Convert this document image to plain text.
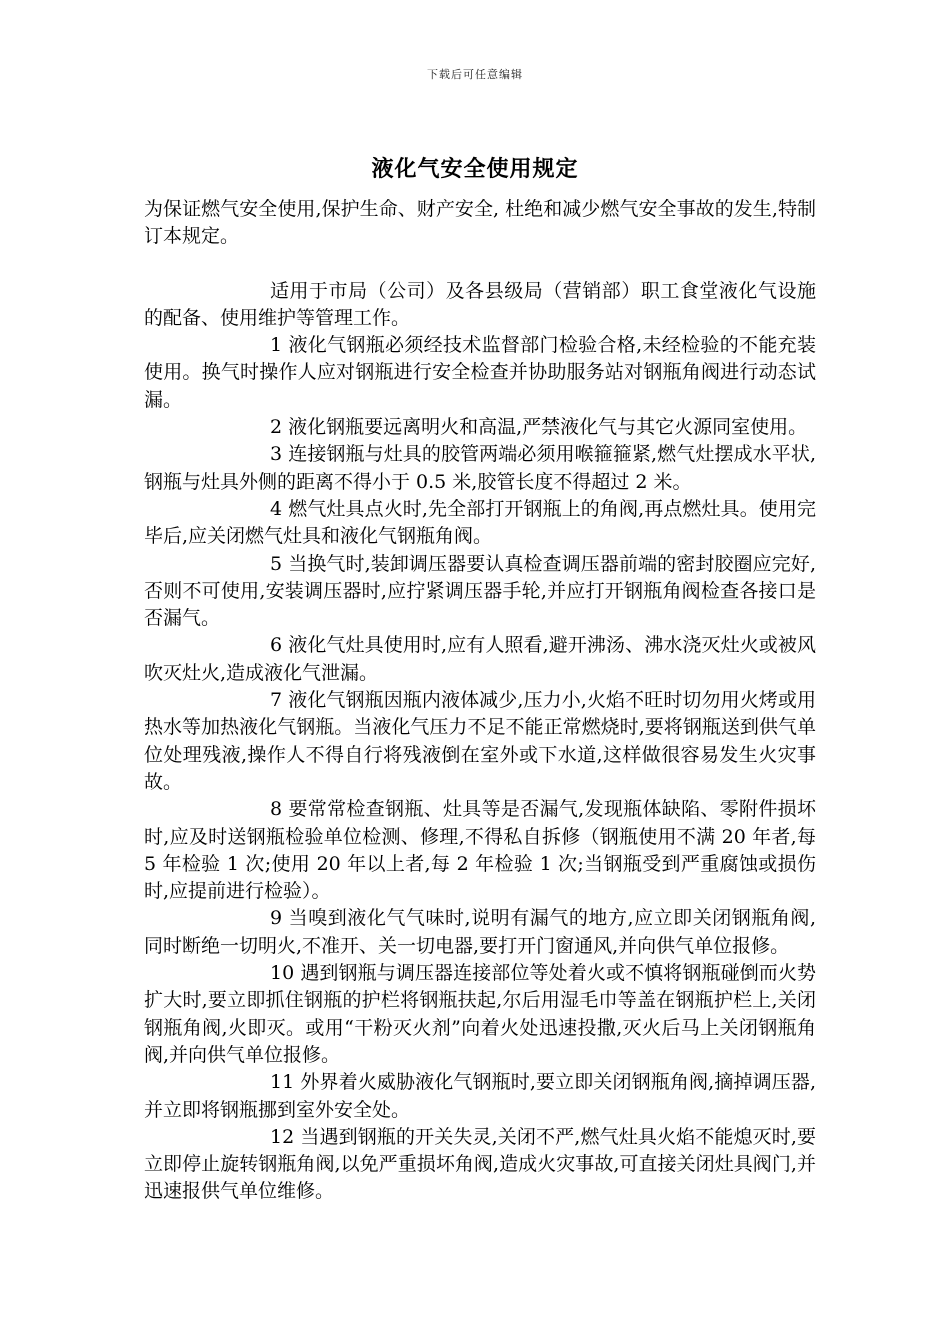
下载后可任意编辑
液化气安全使用规定

为保证燃气安全使用,保护生命、财产安全, 杜绝和减少燃气安全事故的发生,特制订本规定。

适用于市局（公司）及各县级局（营销部）职工食堂液化气设施的配备、使用维护等管理工作。

1 液化气钢瓶必须经技术监督部门检验合格,未经检验的不能充装使用。换气时操作人应对钢瓶进行安全检查并协助服务站对钢瓶角阀进行动态试漏。

2 液化钢瓶要远离明火和高温,严禁液化气与其它火源同室使用。

3 连接钢瓶与灶具的胶管两端必须用喉箍箍紧,燃气灶摆成水平状,钢瓶与灶具外侧的距离不得小于 0.5 米,胶管长度不得超过 2 米。

4 燃气灶具点火时,先全部打开钢瓶上的角阀,再点燃灶具。使用完毕后,应关闭燃气灶具和液化气钢瓶角阀。

5 当换气时,装卸调压器要认真检查调压器前端的密封胶圈应完好,否则不可使用,安装调压器时,应拧紧调压器手轮,并应打开钢瓶角阀检查各接口是否漏气。

6 液化气灶具使用时,应有人照看,避开沸汤、沸水浇灭灶火或被风吹灭灶火,造成液化气泄漏。

7 液化气钢瓶因瓶内液体减少,压力小,火焰不旺时切勿用火烤或用热水等加热液化气钢瓶。当液化气压力不足不能正常燃烧时,要将钢瓶送到供气单位处理残液,操作人不得自行将残液倒在室外或下水道,这样做很容易发生火灾事故。

8 要常常检查钢瓶、灶具等是否漏气,发现瓶体缺陷、零附件损坏时,应及时送钢瓶检验单位检测、修理,不得私自拆修（钢瓶使用不满 20 年者,每 5 年检验 1 次;使用 20 年以上者,每 2 年检验 1 次;当钢瓶受到严重腐蚀或损伤时,应提前进行检验）。

9 当嗅到液化气气味时,说明有漏气的地方,应立即关闭钢瓶角阀,同时断绝一切明火,不准开、关一切电器,要打开门窗通风,并向供气单位报修。

10 遇到钢瓶与调压器连接部位等处着火或不慎将钢瓶碰倒而火势扩大时,要立即抓住钢瓶的护栏将钢瓶扶起,尔后用湿毛巾等盖在钢瓶护栏上,关闭钢瓶角阀,火即灭。或用“干粉灭火剂”向着火处迅速投撒,灭火后马上关闭钢瓶角阀,并向供气单位报修。

11 外界着火威胁液化气钢瓶时,要立即关闭钢瓶角阀,摘掉调压器,并立即将钢瓶挪到室外安全处。

12 当遇到钢瓶的开关失灵,关闭不严,燃气灶具火焰不能熄灭时,要立即停止旋转钢瓶角阀,以免严重损坏角阀,造成火灾事故,可直接关闭灶具阀门,并迅速报供气单位维修。
